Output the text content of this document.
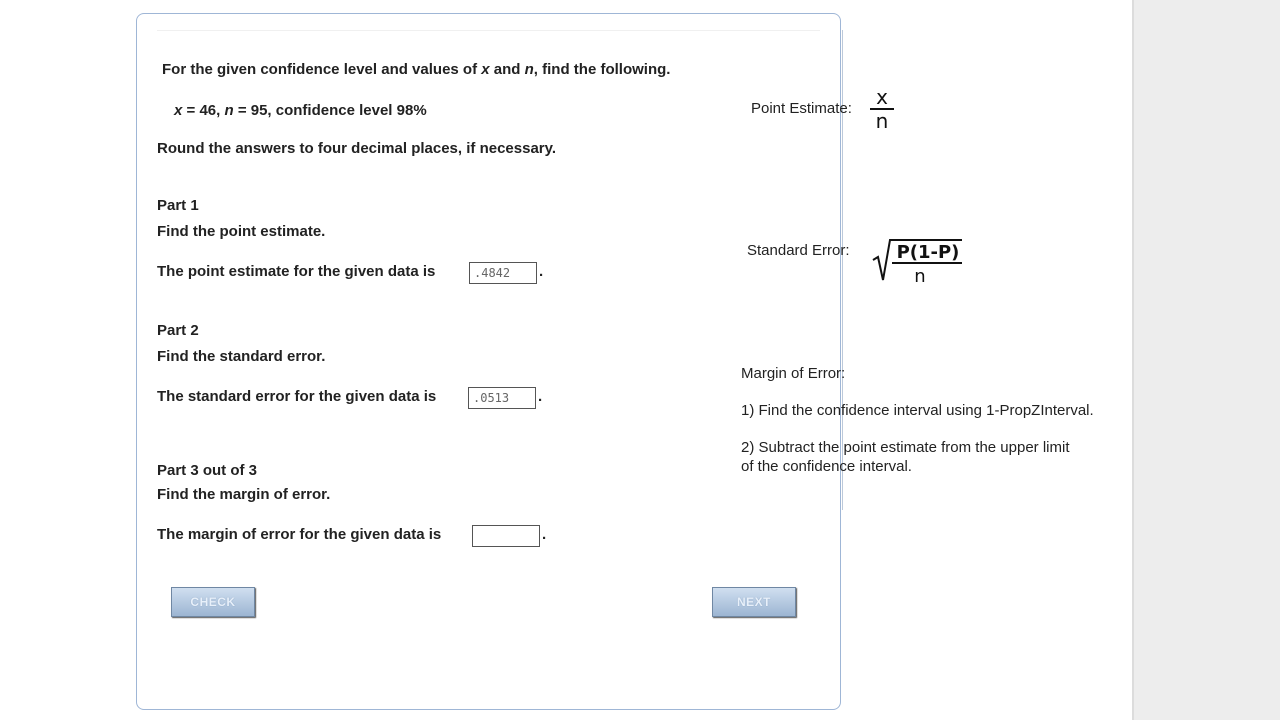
For the given confidence level and values of x and n, find the following.
x = 46, n = 95, confidence level 98%
Round the answers to four decimal places, if necessary.
Part 1
Find the point estimate.
The point estimate for the given data is	.4842	.
Part 2
Find the standard error.
The standard error for the given data is	.0513	.
Part 3 out of 3
Find the margin of error.
The margin of error for the given data is	.
CHECK	NEXT
Point Estimate: x
n
Standard Error:	P(1-P)
n
Margin of Error:
1) Find the confidence interval using 1-PropZInterval.
2) Subtract the point estimate from the upper limit
of the confidence interval.
